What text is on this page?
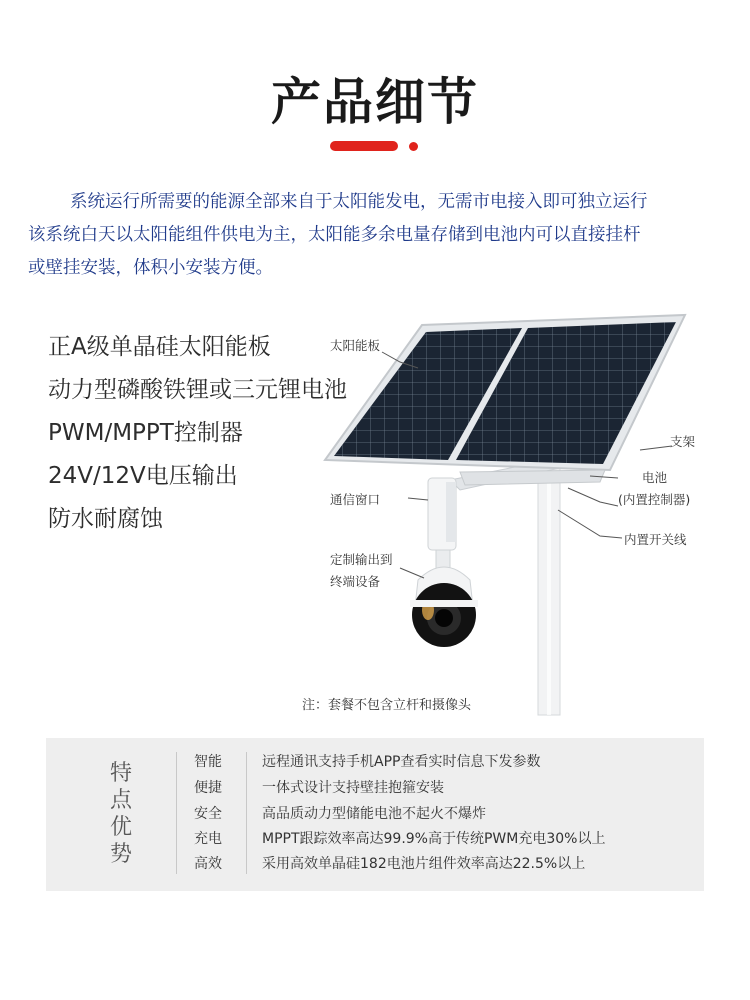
产品细节
系统运行所需要的能源全部来自于太阳能发电，无需市电接入即可独立运行
该系统白天以太阳能组件供电为主，太阳能多余电量存储到电池内可以直接挂杆
或壁挂安装，体积小安装方便。
正A级单晶硅太阳能板
动力型磷酸铁锂或三元锂电池
PWM/MPPT控制器
24V/12V电压输出
防水耐腐蚀
太阳能板
支架
电池
(内置控制器)
内置开关线
通信窗口
定制输出到
终端设备
注：套餐不包含立杆和摄像头
特
点
优
势
智能	远程通讯支持手机APP查看实时信息下发参数
便捷	一体式设计支持壁挂抱箍安装
安全	高品质动力型储能电池不起火不爆炸
充电	MPPT跟踪效率高达99.9%高于传统PWM充电30%以上
高效	采用高效单晶硅182电池片组件效率高达22.5%以上
